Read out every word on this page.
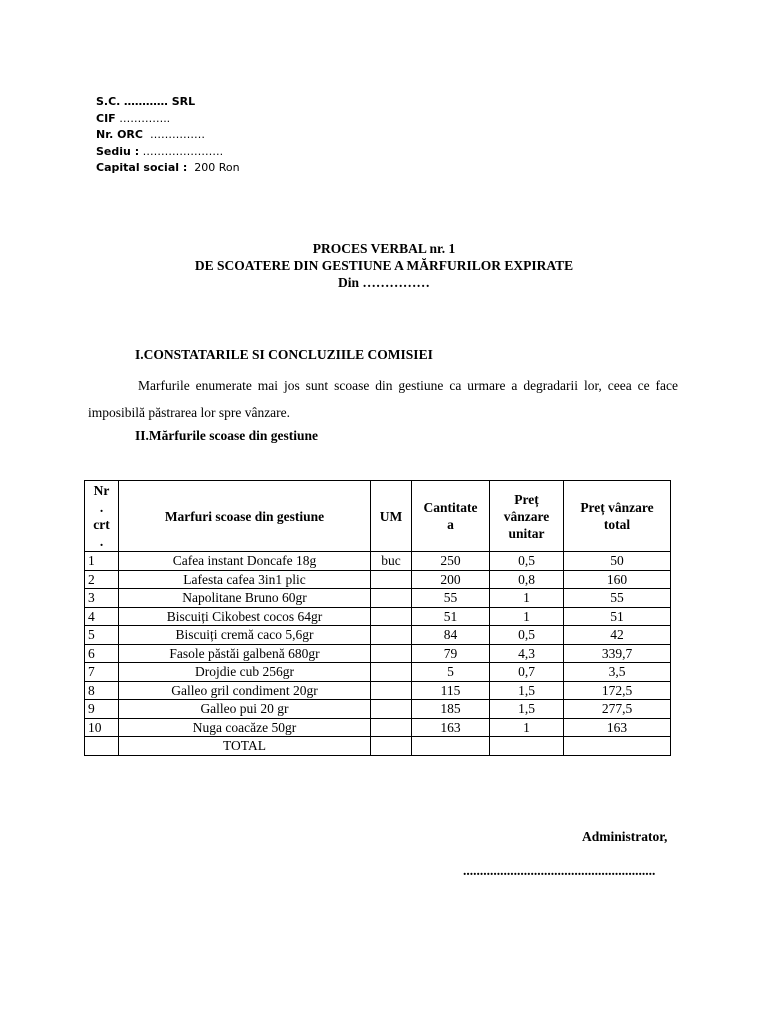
S.C. ………… SRL
CIF …………..
Nr. ORC ……………
Sediu : ………………….
Capital social : 200 Ron
PROCES VERBAL nr. 1
DE SCOATERE DIN GESTIUNE A MĂRFURILOR EXPIRATE
Din ……………
I.CONSTATARILE SI CONCLUZIILE COMISIEI
Marfurile enumerate mai jos sunt scoase din gestiune ca urmare a degradarii lor, ceea ce face imposibilă păstrarea lor spre vânzare.
II.Mărfurile scoase din gestiune
Nr . crt .	Marfuri scoase din gestiune	UM	Cantitate a	Preț vânzare unitar	Preț vânzare total

1	Cafea instant Doncafe 18g	buc	250	0,5	50
2	Lafesta cafea 3in1 plic		200	0,8	160
3	Napolitane Bruno 60gr		55	1	55
4	Biscuiți Cikobest cocos 64gr		51	1	51
5	Biscuiți cremă caco 5,6gr		84	0,5	42
6	Fasole păstăi galbenă 680gr		79	4,3	339,7
7	Drojdie cub 256gr		5	0,7	3,5
8	Galleo gril condiment 20gr		115	1,5	172,5
9	Galleo pui 20 gr		185	1,5	277,5
10	Nuga coacăze 50gr		163	1	163
	TOTAL				
Administrator,
.........................................................
